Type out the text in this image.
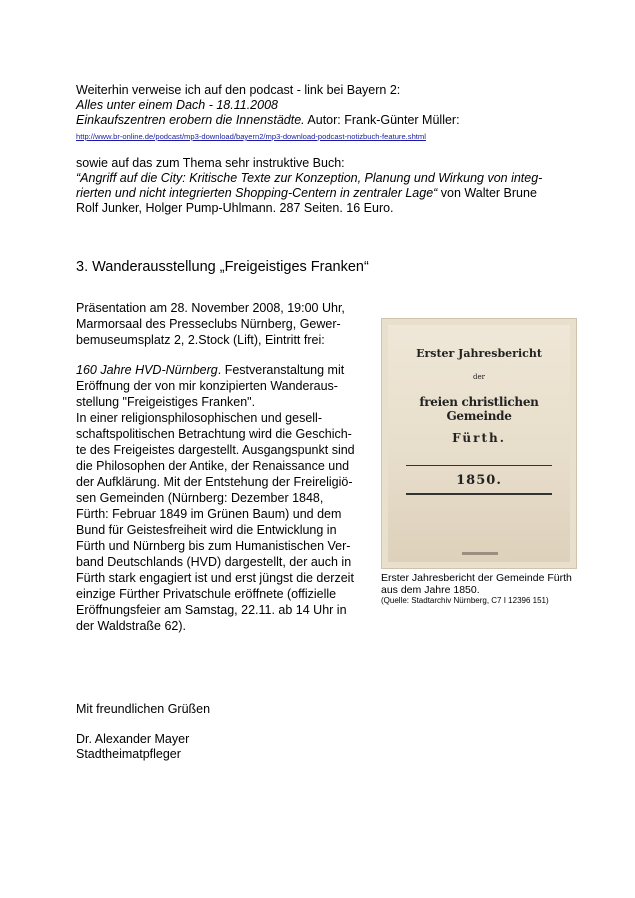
Weiterhin verweise ich auf den podcast - link bei Bayern 2:
Alles unter einem Dach - 18.11.2008
Einkaufszentren erobern die Innenstädte. Autor: Frank-Günter Müller:
http://www.br-online.de/podcast/mp3-download/bayern2/mp3-download-podcast-notizbuch-feature.shtml
sowie auf das zum Thema sehr instruktive Buch:
“Angriff auf die City: Kritische Texte zur Konzeption, Planung und Wirkung von integ-
rierten und nicht integrierten Shopping-Centern in zentraler Lage“ von Walter Brune
Rolf Junker, Holger Pump-Uhlmann. 287 Seiten. 16 Euro.
3. Wanderausstellung „Freigeistiges Franken“
Präsentation am 28. November 2008, 19:00 Uhr,
Marmorsaal des Presseclubs Nürnberg, Gewer-
bemuseumsplatz 2, 2.Stock (Lift), Eintritt frei:
160 Jahre HVD-Nürnberg. Festveranstaltung mit
Eröffnung der von mir konzipierten Wanderaus-
stellung "Freigeistiges Franken".
In einer religionsphilosophischen und gesell-
schaftspolitischen Betrachtung wird die Geschich-
te des Freigeistes dargestellt. Ausgangspunkt sind
die Philosophen der Antike, der Renaissance und
der Aufklärung. Mit der Entstehung der Freireligiö-
sen Gemeinden (Nürnberg: Dezember 1848,
Fürth: Februar 1849 im Grünen Baum) und dem
Bund für Geistesfreiheit wird die Entwicklung in
Fürth und Nürnberg bis zum Humanistischen Ver-
band Deutschlands (HVD) dargestellt, der auch in
Fürth stark engagiert ist und erst jüngst die derzeit
einzige Fürther Privatschule eröffnete (offizielle
Eröffnungsfeier am Samstag, 22.11. ab 14 Uhr in
der Waldstraße 62).
Erster Jahresbericht
der
freien christlichen Gemeinde
Fürth.
1850.
Erster Jahresbericht der Gemeinde Fürth
aus dem Jahre 1850.
(Quelle: Stadtarchiv Nürnberg, C7 I 12396 151)
Mit freundlichen Grüßen
Dr. Alexander Mayer
Stadtheimatpfleger
